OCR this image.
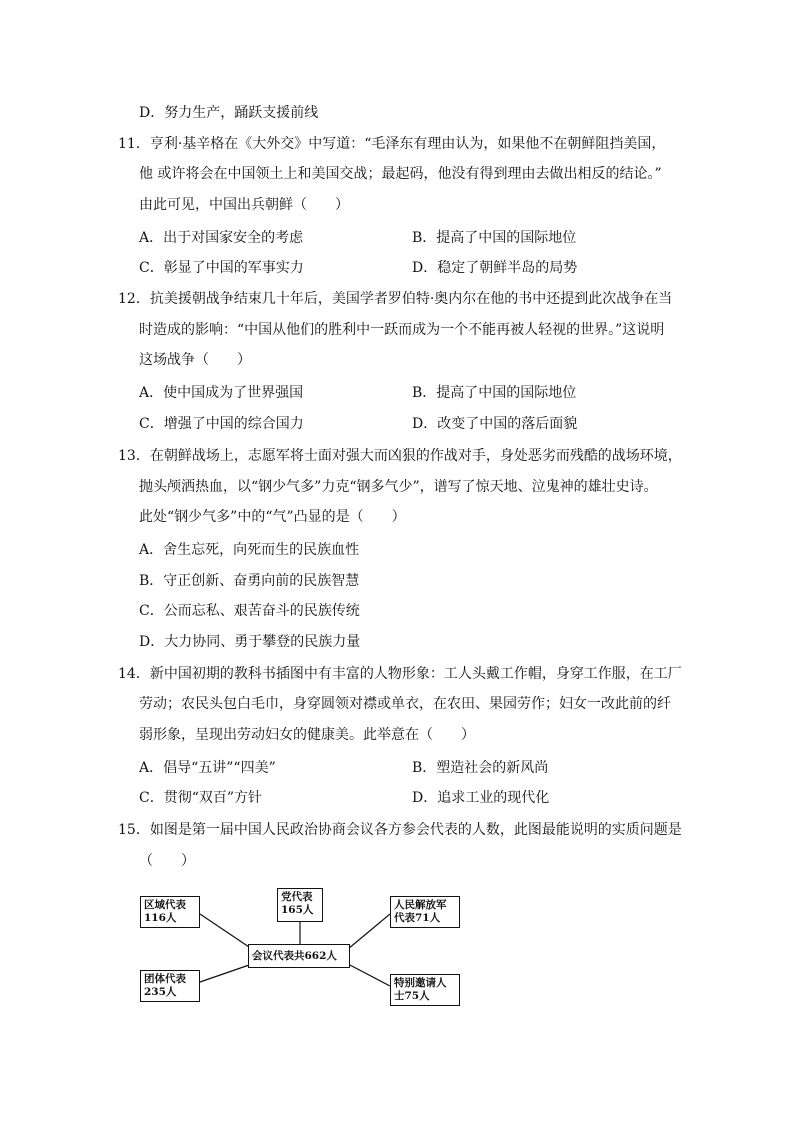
D．努力生产，踊跃支援前线
11．亨利·基辛格在《大外交》中写道：“毛泽东有理由认为，如果他不在朝鲜阻挡美国，
他 或许将会在中国领土上和美国交战；最起码，他没有得到理由去做出相反的结论。”
由此可见，中国出兵朝鲜（　　）
A．出于对国家安全的考虑	B．提高了中国的国际地位
C．彰显了中国的军事实力	D．稳定了朝鲜半岛的局势
12．抗美援朝战争结束几十年后，美国学者罗伯特·奥内尔在他的书中还提到此次战争在当
时造成的影响：“中国从他们的胜利中一跃而成为一个不能再被人轻视的世界。”这说明
这场战争（　　）
A．使中国成为了世界强国	B．提高了中国的国际地位
C．增强了中国的综合国力	D．改变了中国的落后面貌
13．在朝鲜战场上，志愿军将士面对强大而凶狠的作战对手，身处恶劣而残酷的战场环境，
抛头颅洒热血，以“钢少气多”力克“钢多气少”，谱写了惊天地、泣鬼神的雄壮史诗。
此处“钢少气多”中的“气”凸显的是（　　）
A．舍生忘死，向死而生的民族血性
B．守正创新、奋勇向前的民族智慧
C．公而忘私、艰苦奋斗的民族传统
D．大力协同、勇于攀登的民族力量
14．新中国初期的教科书插图中有丰富的人物形象：工人头戴工作帽，身穿工作服，在工厂
劳动；农民头包白毛巾，身穿圆领对襟或单衣，在农田、果园劳作；妇女一改此前的纤
弱形象，呈现出劳动妇女的健康美。此举意在（　　）
A．倡导“五讲”“四美”	B．塑造社会的新风尚
C．贯彻“双百”方针	D．追求工业的现代化
15．如图是第一届中国人民政治协商会议各方参会代表的人数，此图最能说明的实质问题是
（　　）
区域代表116人
党代表165人	人民解放军代表71人
会议代表共662人
团体代表235人
特别邀请人士75人
